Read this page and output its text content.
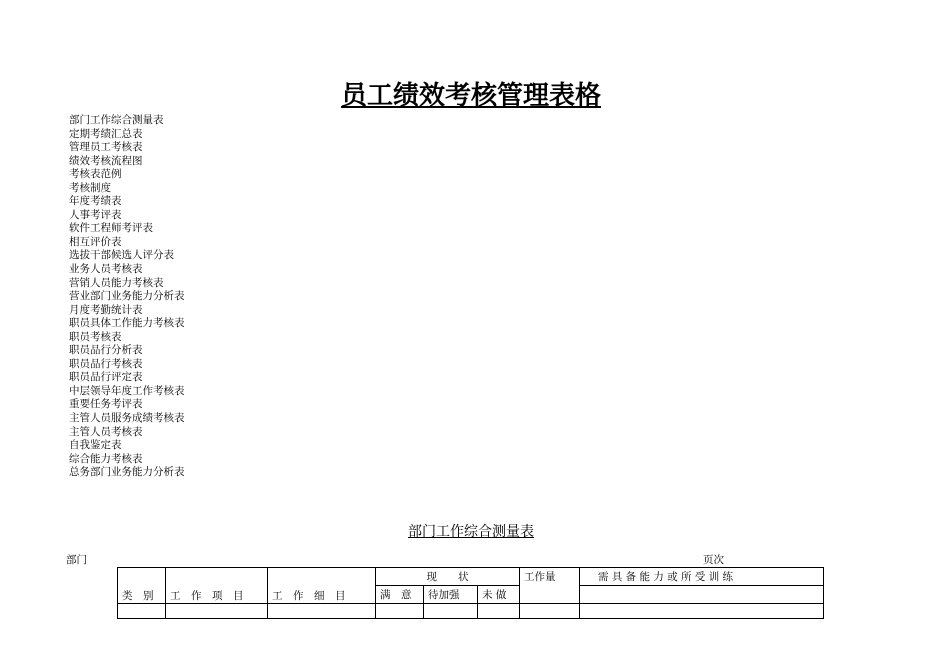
员工绩效考核管理表格
部门工作综合测量表
定期考绩汇总表
管理员工考核表
绩效考核流程图
考核表范例
考核制度
年度考绩表
人事考评表
软件工程师考评表
相互评价表
选拔干部候选人评分表
业务人员考核表
营销人员能力考核表
营业部门业务能力分析表
月度考勤统计表
职员具体工作能力考核表
职员考核表
职员品行分析表
职员品行考核表
职员品行评定表
中层领导年度工作考核表
重要任务考评表
主管人员服务成绩考核表
主管人员考核表
自我鉴定表
综合能力考核表
总务部门业务能力分析表
部门工作综合测量表
部门	页次
类　别	工　作　项　目	工　作　细　目	现　　状			工作量	需 具 备 能 力 或 所 受 训 练
			满　意	待加强	未 做		
